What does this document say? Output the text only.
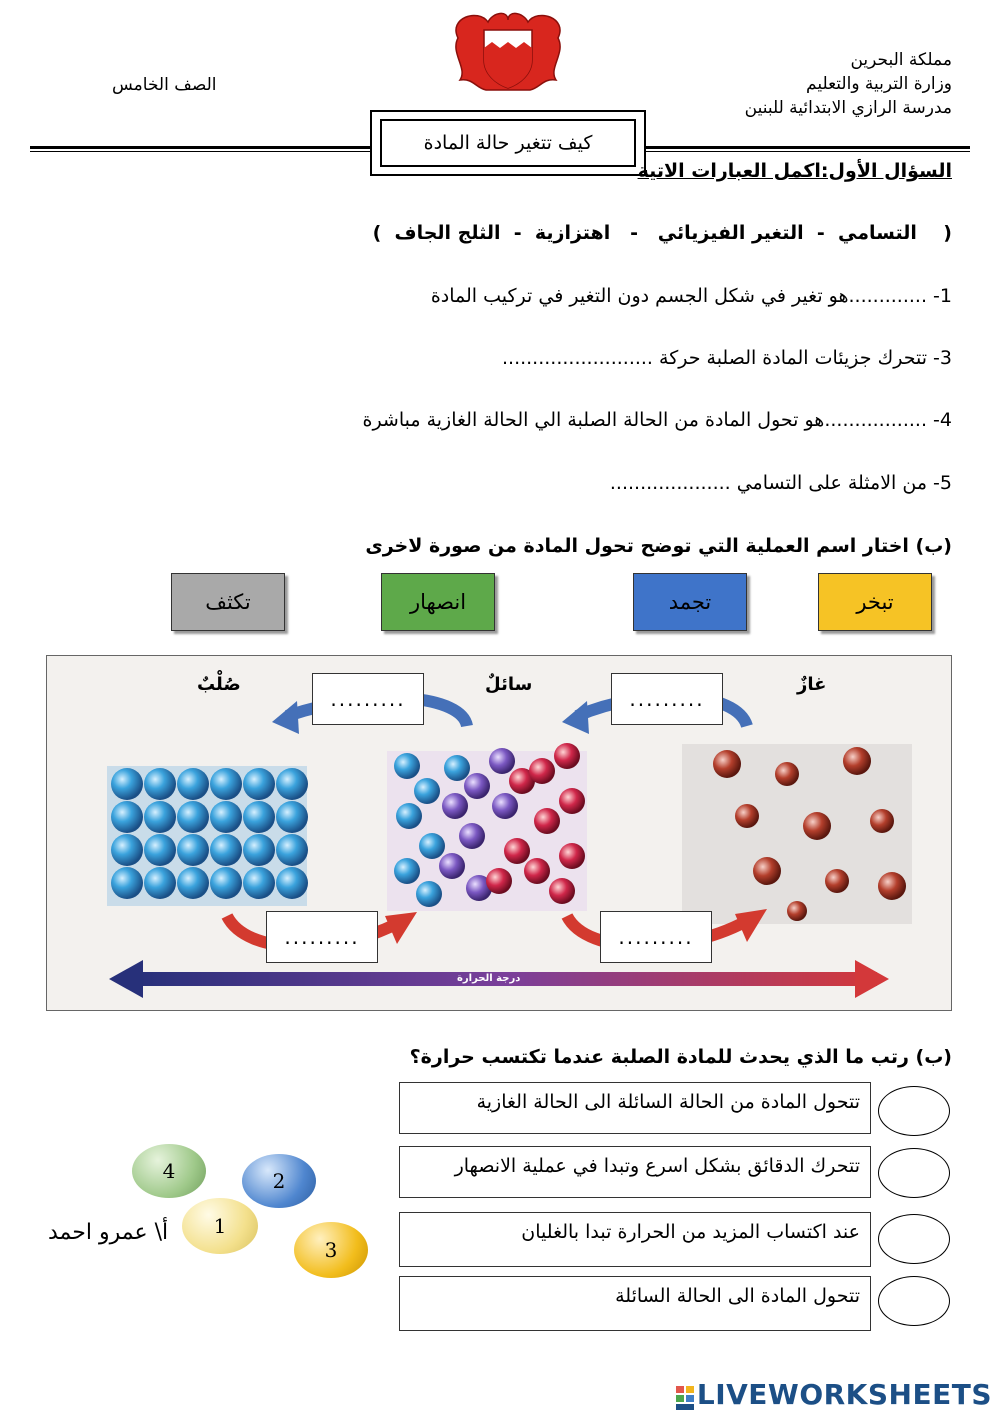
مملكة البحرين
وزارة التربية والتعليم
مدرسة الرازي الابتدائية للبنين
الصف الخامس
كيف تتغير حالة المادة
السؤال الأول:اكمل العبارات الاتية
(    التسامي  -  التغير الفيزيائي   -   اهتزازية  -  الثلج الجاف  )
1- .............هو تغير في شكل الجسم دون التغير في تركيب المادة
3- تتحرك جزيئات المادة الصلبة حركة .........................
4- .................هو تحول المادة من الحالة الصلبة الي الحالة الغازية مباشرة
5- من الامثلة على التسامي ....................
(ب) اختار اسم العملية التي توضح تحول المادة من صورة لاخرى
تبخر
تجمد
انصهار
تكثف
صُلْبٌ	سائلٌ	غازٌ
.........	.........
.........	.........
درجة الحرارة
(ب) رتب ما الذي يحدث للمادة الصلبة عندما تكتسب حرارة؟
تتحول المادة من الحالة السائلة الى الحالة الغازية
تتحرك الدقائق بشكل اسرع وتبدا في عملية الانصهار
عند اكتساب المزيد من الحرارة تبدا بالغليان
تتحول المادة الى الحالة السائلة
4	2
1
3
أ\ عمرو احمد
LIVEWORKSHEETS
